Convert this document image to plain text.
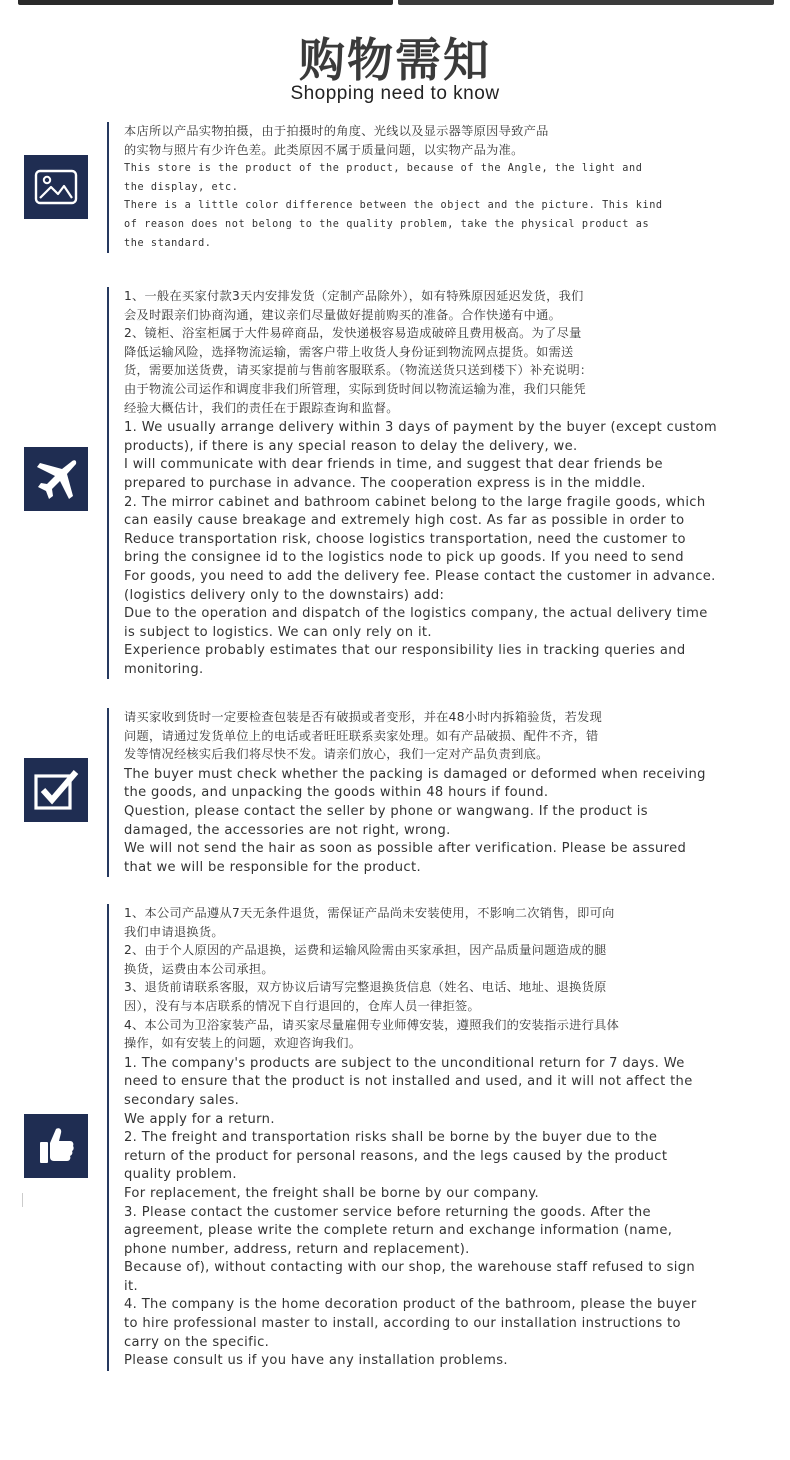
购物需知
Shopping need to know
本店所以产品实物拍摄，由于拍摄时的角度、光线以及显示器等原因导致产品
的实物与照片有少许色差。此类原因不属于质量问题，以实物产品为准。
This store is the product of the product, because of the Angle, the light and
the display, etc.
There is a little color difference between the object and the picture. This kind
of reason does not belong to the quality problem, take the physical product as
the standard.
1、一般在买家付款3天内安排发货（定制产品除外），如有特殊原因延迟发货，我们
会及时跟亲们协商沟通，建议亲们尽量做好提前购买的准备。合作快递有中通。
2、镜柜、浴室柜属于大件易碎商品，发快递极容易造成破碎且费用极高。为了尽量
降低运输风险，选择物流运输，需客户带上收货人身份证到物流网点提货。如需送
货，需要加送货费，请买家提前与售前客服联系。（物流送货只送到楼下）补充说明：
由于物流公司运作和调度非我们所管理，实际到货时间以物流运输为准，我们只能凭
经验大概估计，我们的责任在于跟踪查询和监督。
1. We usually arrange delivery within 3 days of payment by the buyer (except custom
products), if there is any special reason to delay the delivery, we.
I will communicate with dear friends in time, and suggest that dear friends be
prepared to purchase in advance. The cooperation express is in the middle.
2. The mirror cabinet and bathroom cabinet belong to the large fragile goods, which
can easily cause breakage and extremely high cost. As far as possible in order to
Reduce transportation risk, choose logistics transportation, need the customer to
bring the consignee id to the logistics node to pick up goods. If you need to send
For goods, you need to add the delivery fee. Please contact the customer in advance.
(logistics delivery only to the downstairs) add:
Due to the operation and dispatch of the logistics company, the actual delivery time
is subject to logistics. We can only rely on it.
Experience probably estimates that our responsibility lies in tracking queries and
monitoring.
请买家收到货时一定要检查包装是否有破损或者变形，并在48小时内拆箱验货，若发现
问题，请通过发货单位上的电话或者旺旺联系卖家处理。如有产品破损、配件不齐，错
发等情况经核实后我们将尽快不发。请亲们放心，我们一定对产品负责到底。
The buyer must check whether the packing is damaged or deformed when receiving
the goods, and unpacking the goods within 48 hours if found.
Question, please contact the seller by phone or wangwang. If the product is
damaged, the accessories are not right, wrong.
We will not send the hair as soon as possible after verification. Please be assured
that we will be responsible for the product.
1、本公司产品遵从7天无条件退货，需保证产品尚未安装使用，不影响二次销售，即可向
我们申请退换货。
2、由于个人原因的产品退换，运费和运输风险需由买家承担，因产品质量问题造成的腿
换货，运费由本公司承担。
3、退货前请联系客服，双方协议后请写完整退换货信息（姓名、电话、地址、退换货原
因），没有与本店联系的情况下自行退回的，仓库人员一律拒签。
4、本公司为卫浴家装产品，请买家尽量雇佣专业师傅安装，遵照我们的安装指示进行具体
操作，如有安装上的问题，欢迎咨询我们。
1. The company's products are subject to the unconditional return for 7 days. We
need to ensure that the product is not installed and used, and it will not affect the
secondary sales.
We apply for a return.
2. The freight and transportation risks shall be borne by the buyer due to the
return of the product for personal reasons, and the legs caused by the product
quality problem.
For replacement, the freight shall be borne by our company.
3. Please contact the customer service before returning the goods. After the
agreement, please write the complete return and exchange information (name,
phone number, address, return and replacement).
Because of), without contacting with our shop, the warehouse staff refused to sign
it.
4. The company is the home decoration product of the bathroom, please the buyer
to hire professional master to install, according to our installation instructions to
carry on the specific.
Please consult us if you have any installation problems.
